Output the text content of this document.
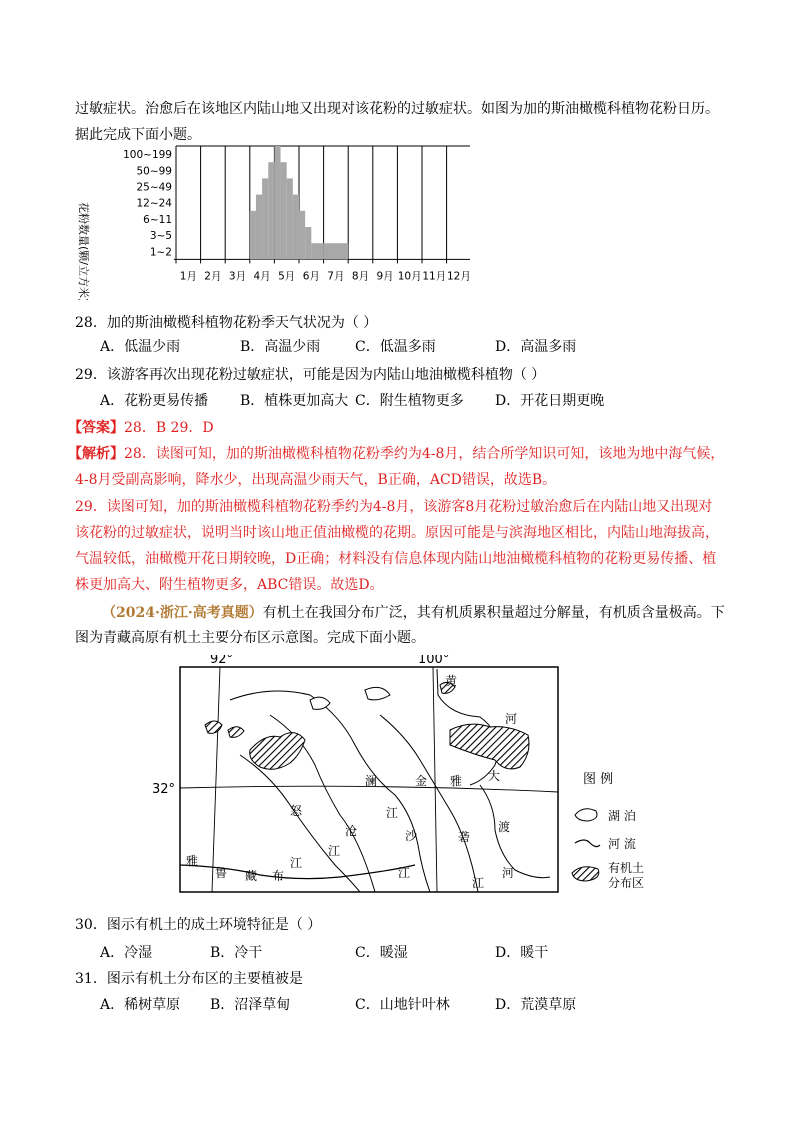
过敏症状。治愈后在该地区内陆山地又出现对该花粉的过敏症状。如图为加的斯油橄榄科植物花粉日历。
据此完成下面小题。
1~2
3~5
6~11
12~24
25~49
50~99
100~199
1月 2月 3月 4月 5月 6月 7月 8月 9月 10月 11月 12月
花粉数量(颗/立方米)
28．加的斯油橄榄科植物花粉季天气状况为（ ）
A．低温少雨	B．高温少雨 C．低温多雨	D．高温多雨
29．该游客再次出现花粉过敏症状，可能是因为内陆山地油橄榄科植物（ ）
A．花粉更易传播 B．植株更加高大 C．附生植物更多 D．开花日期更晚
【答案】28．B 29．D
【解析】28．读图可知，加的斯油橄榄科植物花粉季约为4-8月，结合所学知识可知，该地为地中海气候，
4-8月受副高影响，降水少，出现高温少雨天气，B正确，ACD错误，故选B。
29．读图可知，加的斯油橄榄科植物花粉季约为4-8月，该游客8月花粉过敏治愈后在内陆山地又出现对
该花粉的过敏症状，说明当时该山地正值油橄榄的花期。原因可能是与滨海地区相比，内陆山地海拔高，
气温较低，油橄榄开花日期较晚，D正确；材料没有信息体现内陆山地油橄榄科植物的花粉更易传播、植
株更加高大、附生植物更多，ABC错误。故选D。
（2024·浙江·高考真题）有机土在我国分布广泛，其有机质累积量超过分解量，有机质含量极高。下
图为青藏高原有机土主要分布区示意图。完成下面小题。
92°	100°
32°
黄
河
大
澜	金 雅
怒
沧	沙
江
江
砻
江
渡
河
江
雅
鲁 藏 布
江
图 例
湖 泊
河 流
有机土
分布区
30．图示有机土的成土环境特征是（ ）
A．冷湿	B．冷干	C．暖湿	D．暖干
31．图示有机土分布区的主要植被是
A．稀树草原 B．沼泽草甸	C．山地针叶林	D．荒漠草原
